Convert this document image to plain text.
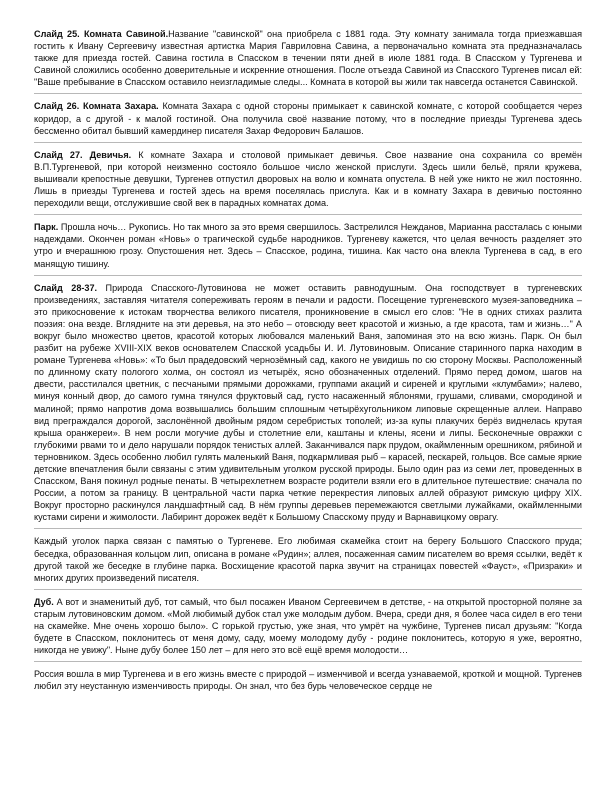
Слайд 25. Комната Савиной.Название "савинской" она приобрела с 1881 года. Эту комнату занимала тогда приезжавшая гостить к Ивану Сергеевичу известная артистка Мария Гавриловна Савина, а первоначально комната эта предназначалась также для приезда гостей. Савина гостила в Спасском в течении пяти дней в июле 1881 года. В Спасском у Тургенева и Савиной сложились особенно доверительные и искренние отношения. После отъезда Савиной из Спасского Тургенев писал ей: "Ваше пребывание в Спасском оставило неизгладимые следы... Комната в которой вы жили так навсегда останется Савинской.

Слайд 26. Комната Захара. Комната Захара с одной стороны примыкает к савинской комнате, с которой сообщается через коридор, а с другой - к малой гостиной. Она получила своё название потому, что в последние приезды Тургенева здесь бессменно обитал бывший камердинер писателя Захар Федорович Балашов.

Слайд 27. Девичья. К комнате Захара и столовой примыкает девичья. Свое название она сохранила со времён В.П.Тургеневой, при которой неизменно состояло большое число женской прислуги. Здесь шили бельё, пряли кружева, вышивали крепостные девушки, Тургенев отпустил дворовых на волю и комната опустела. В ней уже никто не жил постоянно. Лишь в приезды Тургенева и гостей здесь на время поселялась прислуга. Как и в комнату Захара в девичью постоянно переходили вещи, отслужившие свой век в парадных комнатах дома.

Парк. Прошла ночь… Рукопись. Но так много за это время свершилось. Застрелился Нежданов, Марианна рассталась с юными надеждами. Окончен роман «Новь» о трагической судьбе народников. Тургеневу кажется, что целая вечность разделяет это утро и вчерашнюю грозу. Опустошения нет. Здесь – Спасское, родина, тишина. Как часто она влекла Тургенева в сад, в его манящую тишину.

Слайд 28-37. Природа Спасского-Лутовинова не может оставить равнодушным. Она господствует в тургеневских произведениях, заставляя читателя сопереживать героям в печали и радости. Посещение тургеневского музея-заповедника – это прикосновение к истокам творчества великого писателя, проникновение в смысл его слов: "Не в одних стихах разлита поэзия: она везде. Вглядните на эти деревья, на это небо – отовсюду веет красотой и жизнью, а где красота, там и жизнь…" А вокруг было множество цветов, красотой которых любовался маленький Ваня, запоминая это на всю жизнь. Парк. Он был разбит на рубеже XVIII-XIX веков основателем Спасской усадьбы И. И. Лутовиновым. Описание старинного парка находим в романе Тургенева «Новь»: «То был прадедовский чернозёмный сад, какого не увидишь по сю сторону Москвы. Расположенный по длинному скату пологого холма, он состоял из четырёх, ясно обозначенных отделений. Прямо перед домом, шагов на двести, расстилался цветник, с песчаными прямыми дорожками, группами акаций и сиреней и круглыми «клумбами»; налево, минуя конный двор, до самого гумна тянулся фруктовый сад, густо насаженный яблонями, грушами, сливами, смородиной и малиной; прямо напротив дома возвышались большим сплошным четырёхугольником липовые скрещенные аллеи. Направо вид преграждался дорогой, заслонённой двойным рядом серебристых тополей; из-за купы плакучих берёз виднелась крутая крыша оранжереи». В нем росли могучие дубы и столетние ели, каштаны и клены, ясени и липы. Бесконечные овражки с глубокими рвами то и дело нарушали порядок тенистых аллей. Заканчивался парк прудом, окаймленным орешником, рябиной и терновником. Здесь особенно любил гулять маленький Ваня, подкармливая рыб – карасей, пескарей, гольцов. Все самые яркие детские впечатления были связаны с этим удивительным уголком русской природы. Было один раз из семи лет, проведенных в Спасском, Ваня покинул родные пенаты. В четырехлетнем возрасте родители взяли его в длительное путешествие: сначала по России, а потом за границу. В центральной части парка четкие перекрестия липовых аллей образуют римскую цифру XIX. Вокруг просторно раскинулся ландшафтный сад. В нём группы деревьев перемежаются светлыми лужайками, окаймленными кустами сирени и жимолости. Лабиринт дорожек ведёт к Большому Спасскому пруду и Варнавицкому оврагу.

Каждый уголок парка связан с памятью о Тургеневе. Его любимая скамейка стоит на берегу Большого Спасского пруда; беседка, образованная кольцом лип, описана в романе «Рудин»; аллея, посаженная самим писателем во время ссылки, ведёт к другой такой же беседке в глубине парка. Восхищение красотой парка звучит на страницах повестей «Фауст», «Призраки» и многих других произведений писателя.

Дуб. А вот и знаменитый дуб, тот самый, что был посажен Иваном Сергеевичем в детстве, - на открытой просторной поляне за старым лутовиновским домом. «Мой любимый дубок стал уже молодым дубом. Вчера, среди дня, я более часа сидел в его тени на скамейке. Мне очень хорошо было». С горькой грустью, уже зная, что умрёт на чужбине, Тургенев писал друзьям: "Когда будете в Спасском, поклонитесь от меня дому, саду, моему молодому дубу - родине поклонитесь, которую я уже, вероятно, никогда не увижу". Ныне дубу более 150 лет – для него это всё ещё время молодости…

Россия вошла в мир Тургенева и в его жизнь вместе с природой – изменчивой и всегда узнаваемой, кроткой и мощной. Тургенев любил эту неустанную изменчивость природы. Он знал, что без бурь человеческое сердце не
